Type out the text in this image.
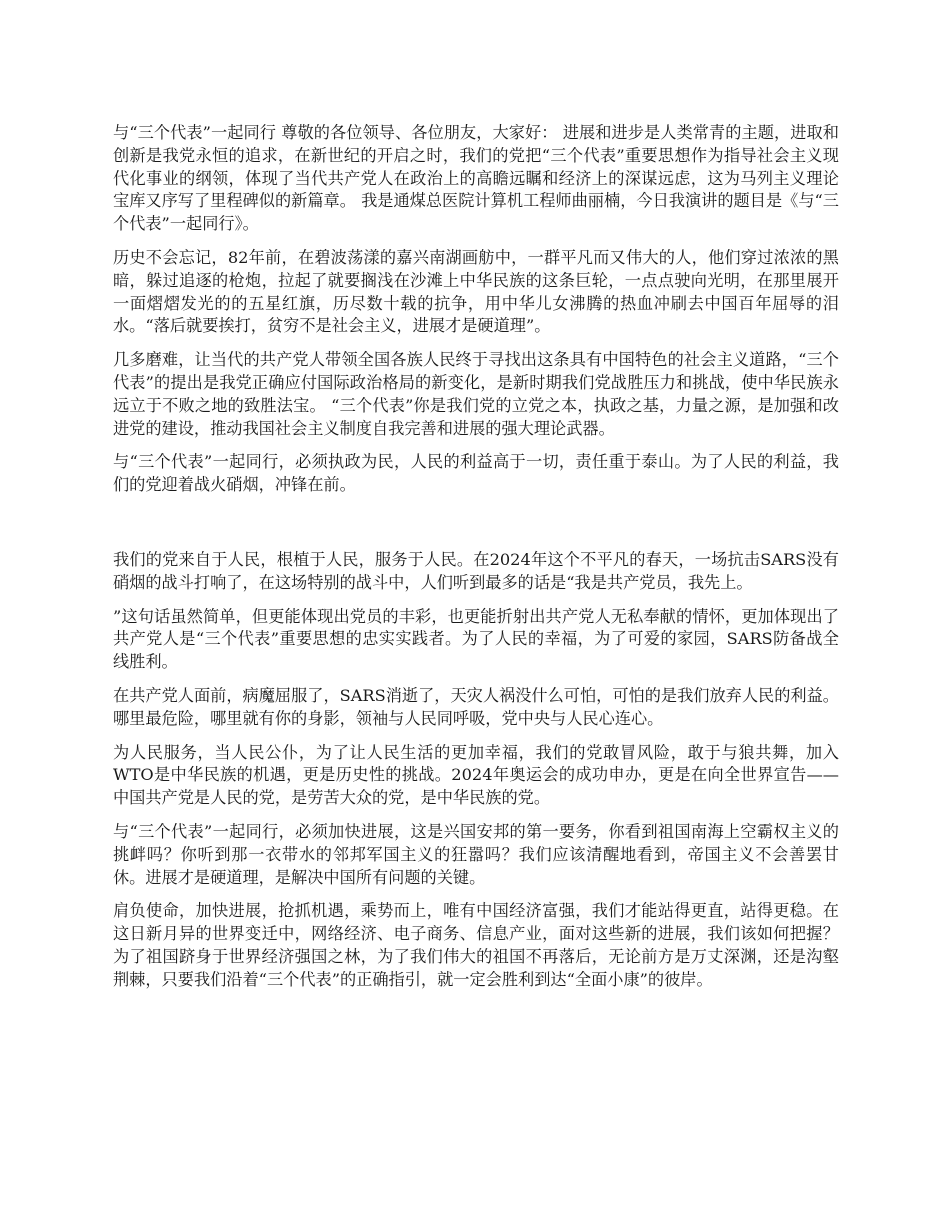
与“三个代表”一起同行 尊敬的各位领导、各位朋友，大家好： 进展和进步是人类常青的主题，进取和创新是我党永恒的追求，在新世纪的开启之时，我们的党把“三个代表”重要思想作为指导社会主义现代化事业的纲领，体现了当代共产党人在政治上的高瞻远瞩和经济上的深谋远虑，这为马列主义理论宝库又序写了里程碑似的新篇章。 我是通煤总医院计算机工程师曲丽楠，今日我演讲的题目是《与“三个代表”一起同行》。

历史不会忘记，82年前，在碧波荡漾的嘉兴南湖画舫中，一群平凡而又伟大的人，他们穿过浓浓的黑暗，躲过追逐的枪炮，拉起了就要搁浅在沙滩上中华民族的这条巨轮，一点点驶向光明，在那里展开一面熠熠发光的的五星红旗，历尽数十载的抗争，用中华儿女沸腾的热血冲刷去中国百年屈辱的泪水。“落后就要挨打，贫穷不是社会主义，进展才是硬道理”。

几多磨难，让当代的共产党人带领全国各族人民终于寻找出这条具有中国特色的社会主义道路，“三个代表”的提出是我党正确应付国际政治格局的新变化，是新时期我们党战胜压力和挑战，使中华民族永远立于不败之地的致胜法宝。 “三个代表”你是我们党的立党之本，执政之基，力量之源，是加强和改进党的建设，推动我国社会主义制度自我完善和进展的强大理论武器。

与“三个代表”一起同行，必须执政为民，人民的利益高于一切，责任重于泰山。为了人民的利益，我们的党迎着战火硝烟，冲锋在前。

我们的党来自于人民，根植于人民，服务于人民。在2024年这个不平凡的春天，一场抗击SARS没有硝烟的战斗打响了，在这场特别的战斗中，人们听到最多的话是“我是共产党员，我先上。

”这句话虽然简单，但更能体现出党员的丰彩，也更能折射出共产党人无私奉献的情怀，更加体现出了共产党人是“三个代表”重要思想的忠实实践者。为了人民的幸福，为了可爱的家园，SARS防备战全线胜利。

在共产党人面前，病魔屈服了，SARS消逝了，天灾人祸没什么可怕，可怕的是我们放弃人民的利益。 哪里最危险，哪里就有你的身影，领袖与人民同呼吸，党中央与人民心连心。

为人民服务，当人民公仆，为了让人民生活的更加幸福，我们的党敢冒风险，敢于与狼共舞，加入WTO是中华民族的机遇，更是历史性的挑战。2024年奥运会的成功申办，更是在向全世界宣告——中国共产党是人民的党，是劳苦大众的党，是中华民族的党。

与“三个代表”一起同行，必须加快进展，这是兴国安邦的第一要务，你看到祖国南海上空霸权主义的挑衅吗？你听到那一衣带水的邻邦军国主义的狂嚣吗？我们应该清醒地看到，帝国主义不会善罢甘休。进展才是硬道理，是解决中国所有问题的关键。

肩负使命，加快进展，抢抓机遇，乘势而上，唯有中国经济富强，我们才能站得更直，站得更稳。在这日新月异的世界变迁中，网络经济、电子商务、信息产业，面对这些新的进展，我们该如何把握？为了祖国跻身于世界经济强国之林，为了我们伟大的祖国不再落后，无论前方是万丈深渊，还是沟壑荆棘，只要我们沿着“三个代表”的正确指引，就一定会胜利到达“全面小康”的彼岸。
